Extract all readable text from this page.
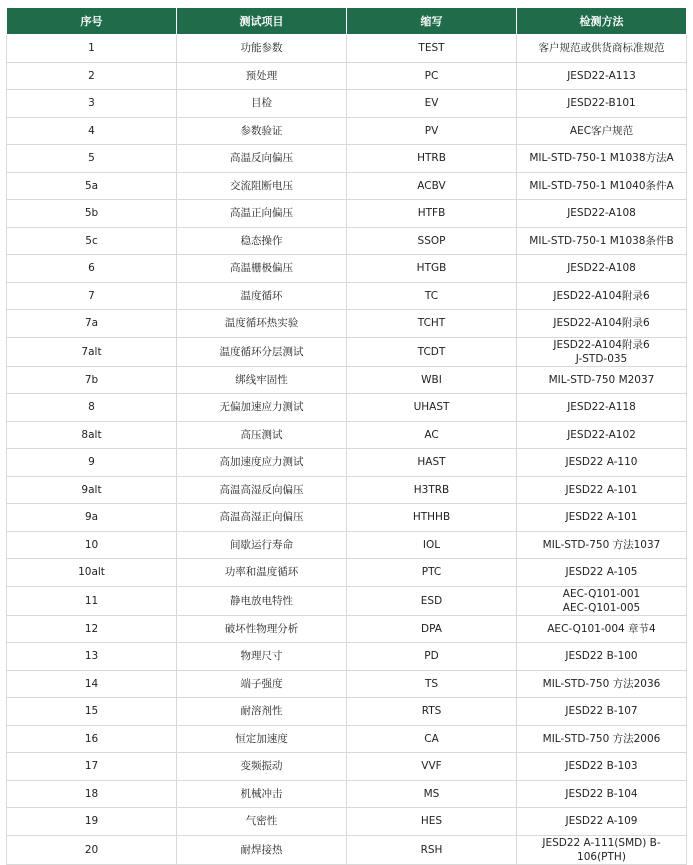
序号	测试项目	缩写	检测方法
1	功能参数	TEST	客户规范或供货商标准规范

2	预处理	PC	JESD22-A113

3	目检	EV	JESD22-B101

4	参数验证	PV	AEC客户规范

5	高温反向偏压	HTRB	MIL-STD-750-1 M1038方法A

5a	交流阻断电压	ACBV	MIL-STD-750-1 M1040条件A

5b	高温正向偏压	HTFB	JESD22-A108

5c	稳态操作	SSOP	MIL-STD-750-1 M1038条件B

6	高温栅极偏压	HTGB	JESD22-A108

7	温度循环	TC	JESD22-A104附录6

7a	温度循环热实验	TCHT	JESD22-A104附录6

7alt	温度循环分层测试	TCDT	JESD22-A104附录6
J-STD-035

7b	绑线牢固性	WBI	MIL-STD-750 M2037

8	无偏加速应力测试	UHAST	JESD22-A118

8alt	高压测试	AC	JESD22-A102

9	高加速度应力测试	HAST	JESD22 A-110

9alt	高温高湿反向偏压	H3TRB	JESD22 A-101

9a	高温高湿正向偏压	HTHHB	JESD22 A-101

10	间歇运行寿命	IOL	MIL-STD-750 方法1037

10alt	功率和温度循环	PTC	JESD22 A-105

11	静电放电特性	ESD	AEC-Q101-001
AEC-Q101-005

12	破坏性物理分析	DPA	AEC-Q101-004 章节4

13	物理尺寸	PD	JESD22 B-100

14	端子强度	TS	MIL-STD-750 方法2036

15	耐溶剂性	RTS	JESD22 B-107

16	恒定加速度	CA	MIL-STD-750 方法2006

17	变频振动	VVF	JESD22 B-103

18	机械冲击	MS	JESD22 B-104

19	气密性	HES	JESD22 A-109

20	耐焊接热	RSH	JESD22 A-111(SMD) B-106(PTH)
